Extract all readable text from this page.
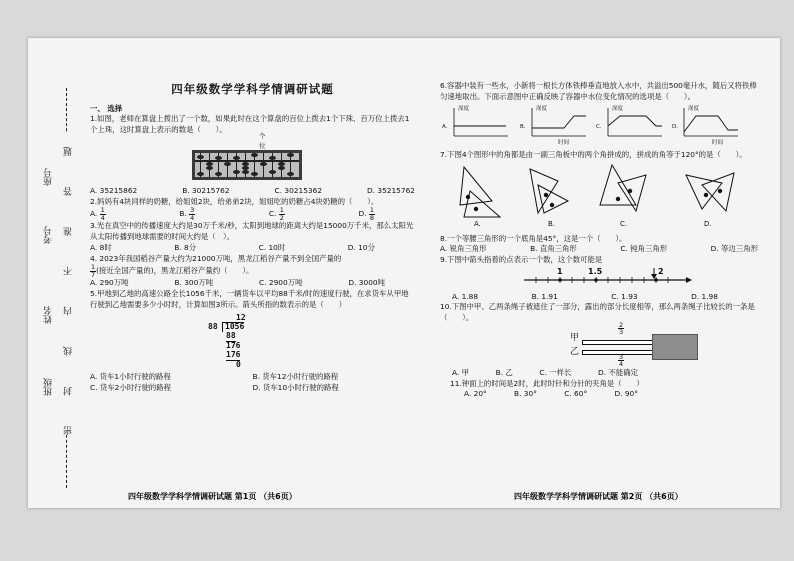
密 封 线 内 不 准 答 题
座号
考号
姓名
班级

四年级数学学科学情调研试题

一、 选择

1.如图，老师在算盘上拨出了一个数，如果此时在这个算盘的百位上拨去1个下珠、百万位上拨去1个上珠，这时算盘上表示的数是（　　）。

个
位
A. 35215862	B. 30215762	C. 30215362	D. 35215762

2.妈妈有4块同样的奶糖，给姐姐2块，给弟弟2块，姐姐吃的奶糖占4块奶糖的（　　）。

A. $\frac{1}{4}$	B. $\frac{3}{4}$	C. $\frac{1}{2}$	D. $\frac{1}{8}$

3.光在真空中的传播速度大约是30万千米/秒，太阳到地球的距离大约是15000万千米，那么太阳光从太阳传播到地球需要的时间大约是（　）。

A. 8时	B. 8分	C. 10时	D. 10分

4. 2023年我国稻谷产量大约为21000万吨，黑龙江稻谷产量不到全国产量的

$\frac{1}{7}$ (接近全国产量的)，黑龙江稻谷产量约（　　）。

A. 290万吨	B. 300万吨	C. 2900万吨	D. 3000吨

5.甲地到乙地的高速公路全长1056千米，一辆货车以平均88千米/时的速度行驶，在求货车从甲地行驶到乙地需要多少小时时，计算如图3所示。箭头所指的数表示的是（　　）

12
88 1056
88
176
176
0
A. 货车1小时行驶的路程	B. 货车12小时行驶的路程
C. 货车2小时行驶的路程	D. 货车10小时行驶的路程
四年级数学学科学情调研试题 第1页 （共6页）

6.容器中装有一些水，小新将一根长方体铁棒垂直地放入水中，共溢出500毫升水，随后又将铁棒匀速地取出。下面示意图中正确反映了容器中水位变化情况的选项是（　　）。

A.
深度
B.
深度
时间
C.
深度
D.
深度
时间

7.下图4个图形中的角都是由一副三角板中的两个角拼成的，拼成的角等于120°的是（　　）。

A.	B.	C.	D.

8.一个等腰三角形的一个底角是45°，这是一个（　　）。

A. 锐角三角形	B. 直角三角形	C. 钝角三角形	D. 等边三角形

9.下图中箭头指着的点表示一个数，这个数可能是

1	1.5	2
A. 1.88	B. 1.91	C. 1.93	D. 1.98

10.下图中甲、乙两条绳子被遮住了一部分，露出的部分长度相等，那么两条绳子比较长的一条是（　　）。

甲
乙
$\frac{2}{3}$
$\frac{3}{4}$
A. 甲	B. 乙	C. 一样长	D. 不能确定

11.钟面上的时间是2时，此时时针和分针的夹角是（　　）

A. 20°	B. 30°	C. 60°	D. 90°
四年级数学学科学情调研试题 第2页 （共6页）
